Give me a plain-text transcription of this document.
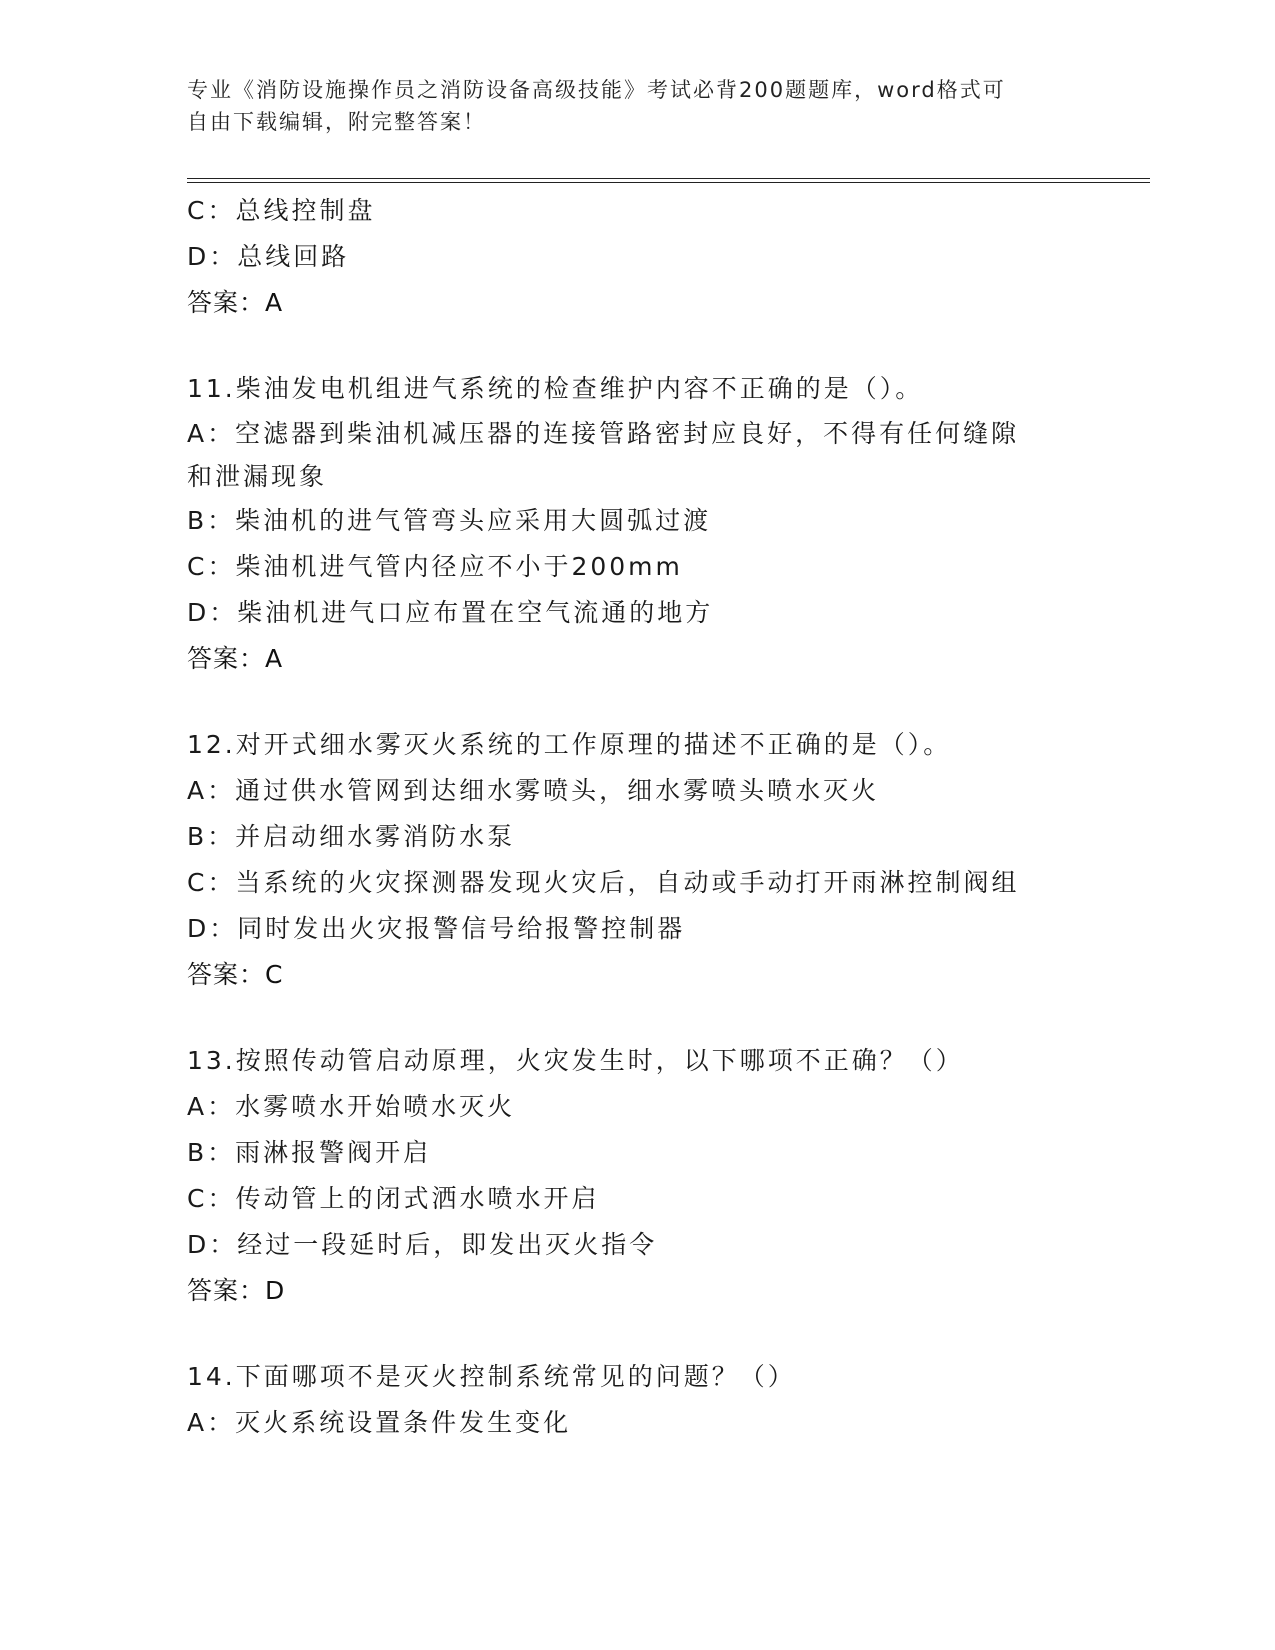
专业《消防设施操作员之消防设备高级技能》考试必背200题题库，word格式可
自由下载编辑，附完整答案！
C：总线控制盘
D：总线回路
答案：A
11.柴油发电机组进气系统的检查维护内容不正确的是（）。
A：空滤器到柴油机减压器的连接管路密封应良好，不得有任何缝隙和泄漏现象
B：柴油机的进气管弯头应采用大圆弧过渡
C：柴油机进气管内径应不小于200mm
D：柴油机进气口应布置在空气流通的地方
答案：A
12.对开式细水雾灭火系统的工作原理的描述不正确的是（）。
A：通过供水管网到达细水雾喷头，细水雾喷头喷水灭火
B：并启动细水雾消防水泵
C：当系统的火灾探测器发现火灾后，自动或手动打开雨淋控制阀组
D：同时发出火灾报警信号给报警控制器
答案：C
13.按照传动管启动原理，火灾发生时，以下哪项不正确？（）
A：水雾喷水开始喷水灭火
B：雨淋报警阀开启
C：传动管上的闭式洒水喷水开启
D：经过一段延时后，即发出灭火指令
答案：D
14.下面哪项不是灭火控制系统常见的问题？（）
A：灭火系统设置条件发生变化
